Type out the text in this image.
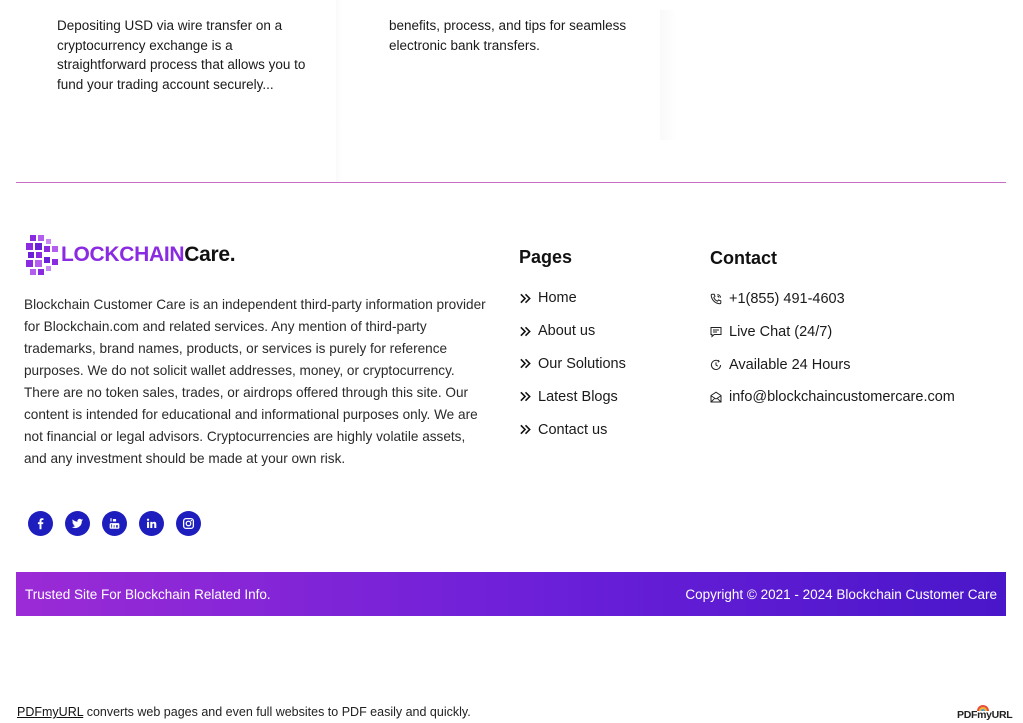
Depositing USD via wire transfer on a cryptocurrency exchange is a straightforward process that allows you to fund your trading account securely...

benefits, process, and tips for seamless electronic bank transfers.

LOCKCHAINCare.

Blockchain Customer Care is an independent third-party information provider for Blockchain.com and related services. Any mention of third-party trademarks, brand names, products, or services is purely for reference purposes. We do not solicit wallet addresses, money, or cryptocurrency. There are no token sales, trades, or airdrops offered through this site. Our content is intended for educational and informational purposes only. We are not financial or legal advisors. Cryptocurrencies are highly volatile assets, and any investment should be made at your own risk.

Pages
Home
About us
Our Solutions
Latest Blogs
Contact us
Contact
+1(855) 491-4603
Live Chat (24/7)
Available 24 Hours
info@blockchaincustomercare.com
Trusted Site For Blockchain Related Info.	Copyright © 2021 - 2024 Blockchain Customer Care
PDFmyURL converts web pages and even full websites to PDF easily and quickly.	PDFmyURL
